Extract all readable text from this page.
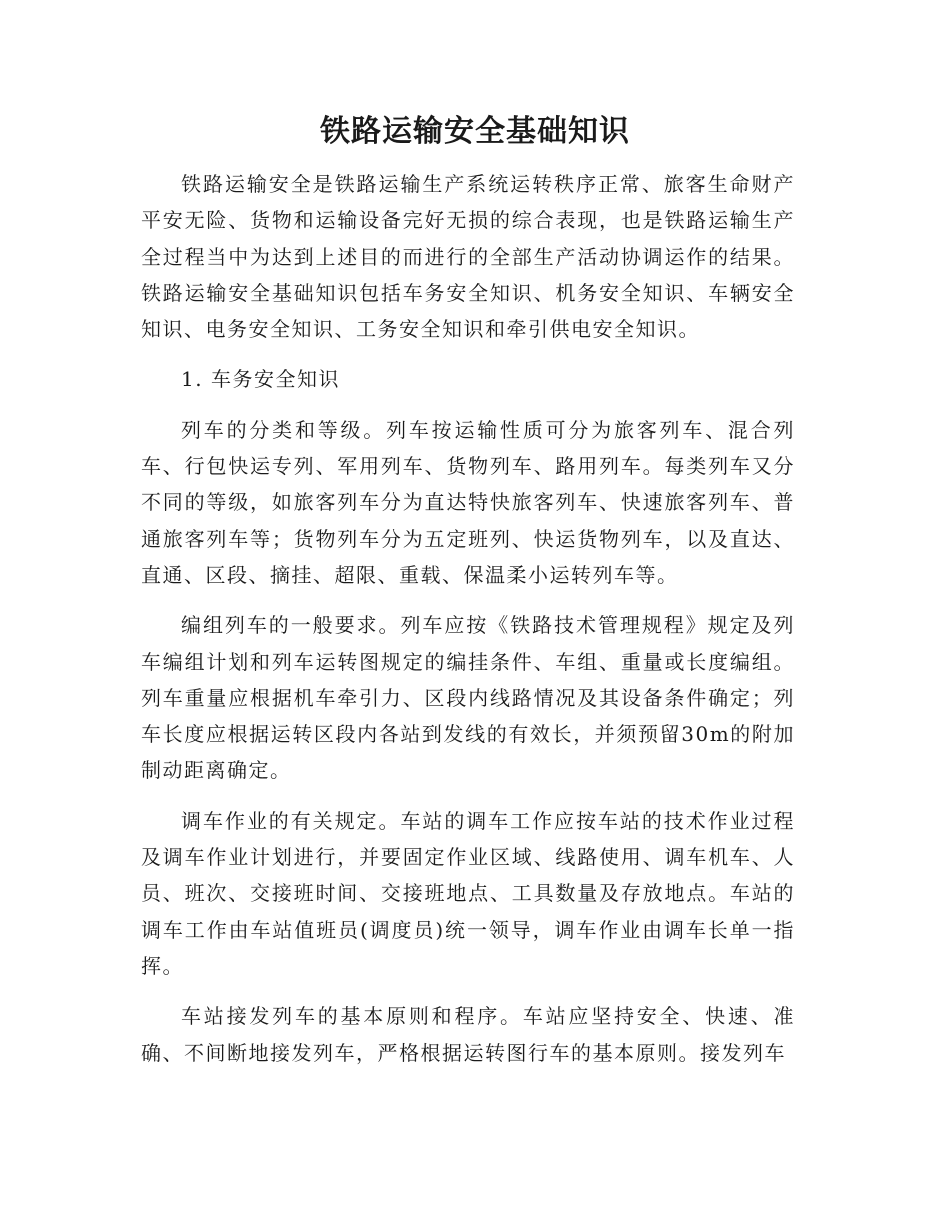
铁路运输安全基础知识

铁路运输安全是铁路运输生产系统运转秩序正常、旅客生命财产平安无险、货物和运输设备完好无损的综合表现，也是铁路运输生产全过程当中为达到上述目的而进行的全部生产活动协调运作的结果。铁路运输安全基础知识包括车务安全知识、机务安全知识、车辆安全知识、电务安全知识、工务安全知识和牵引供电安全知识。

1. 车务安全知识

列车的分类和等级。列车按运输性质可分为旅客列车、混合列车、行包快运专列、军用列车、货物列车、路用列车。每类列车又分不同的等级，如旅客列车分为直达特快旅客列车、快速旅客列车、普通旅客列车等；货物列车分为五定班列、快运货物列车，以及直达、直通、区段、摘挂、超限、重载、保温柔小运转列车等。

编组列车的一般要求。列车应按《铁路技术管理规程》规定及列车编组计划和列车运转图规定的编挂条件、车组、重量或长度编组。列车重量应根据机车牵引力、区段内线路情况及其设备条件确定；列车长度应根据运转区段内各站到发线的有效长，并须预留30m的附加制动距离确定。

调车作业的有关规定。车站的调车工作应按车站的技术作业过程及调车作业计划进行，并要固定作业区域、线路使用、调车机车、人员、班次、交接班时间、交接班地点、工具数量及存放地点。车站的调车工作由车站值班员(调度员)统一领导，调车作业由调车长单一指挥。

车站接发列车的基本原则和程序。车站应坚持安全、快速、准确、不间断地接发列车，严格根据运转图行车的基本原则。接发列车
